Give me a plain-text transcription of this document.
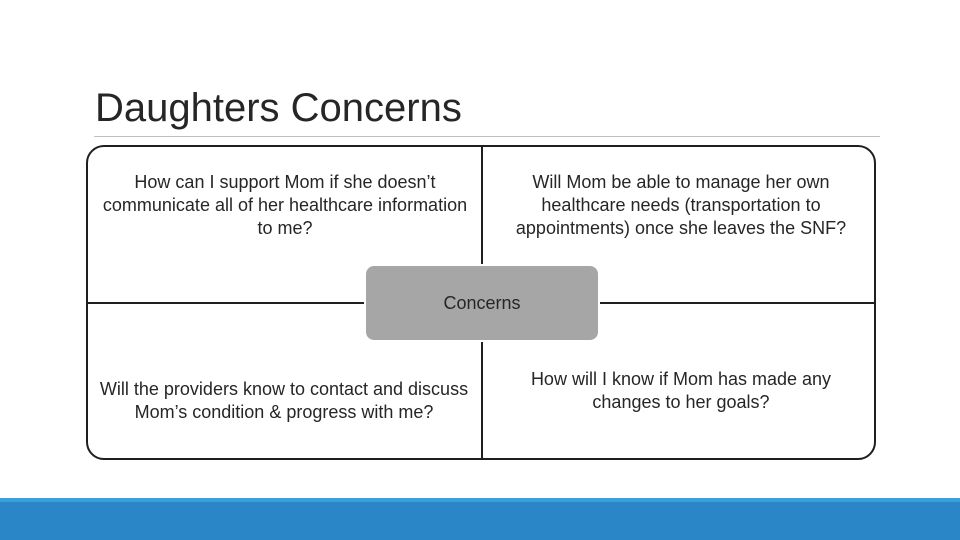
Daughters Concerns
How can I support Mom if she doesn’t communicate all of her healthcare information to me?
Will Mom be able to manage her own healthcare needs (transportation to appointments) once she leaves the SNF?
Will the providers know to contact and discuss Mom’s condition & progress with me?
How will I know if Mom has made any changes to her goals?
Concerns
